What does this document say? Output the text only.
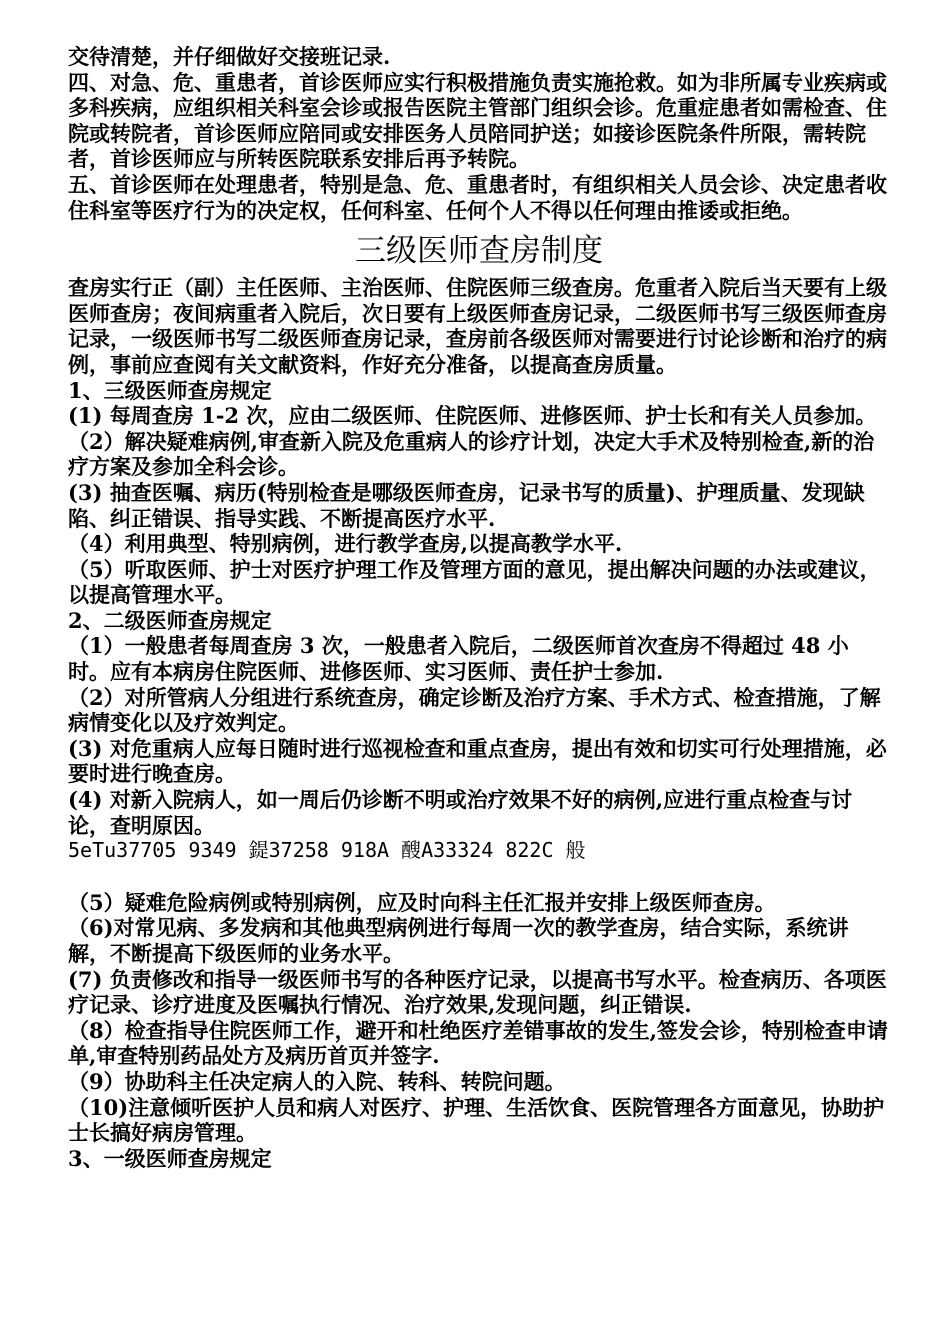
交待清楚，并仔细做好交接班记录.

四、对急、危、重患者，首诊医师应实行积极措施负责实施抢救。如为非所属专业疾病或多科疾病，应组织相关科室会诊或报告医院主管部门组织会诊。危重症患者如需检查、住院或转院者，首诊医师应陪同或安排医务人员陪同护送；如接诊医院条件所限，需转院者，首诊医师应与所转医院联系安排后再予转院。

五、首诊医师在处理患者，特别是急、危、重患者时，有组织相关人员会诊、决定患者收住科室等医疗行为的决定权，任何科室、任何个人不得以任何理由推诿或拒绝。

三级医师查房制度

查房实行正（副）主任医师、主治医师、住院医师三级查房。危重者入院后当天要有上级医师查房；夜间病重者入院后，次日要有上级医师查房记录，二级医师书写三级医师查房记录，一级医师书写二级医师查房记录，查房前各级医师对需要进行讨论诊断和治疗的病例，事前应查阅有关文献资料，作好充分准备，以提高查房质量。

1、三级医师查房规定

(1) 每周查房 1-2 次，应由二级医师、住院医师、进修医师、护士长和有关人员参加。

（2）解决疑难病例,审查新入院及危重病人的诊疗计划，决定大手术及特别检查,新的治疗方案及参加全科会诊。

(3) 抽查医嘱、病历(特别检查是哪级医师查房，记录书写的质量)、护理质量、发现缺陷、纠正错误、指导实践、不断提高医疗水平.

（4）利用典型、特别病例，进行教学查房,以提高教学水平.

（5）听取医师、护士对医疗护理工作及管理方面的意见，提出解决问题的办法或建议，以提高管理水平。

2、二级医师查房规定

（1）一般患者每周查房 3 次，一般患者入院后，二级医师首次查房不得超过 48 小时。应有本病房住院医师、进修医师、实习医师、责任护士参加.

（2）对所管病人分组进行系统查房，确定诊断及治疗方案、手术方式、检查措施，了解病情变化以及疗效判定。

(3) 对危重病人应每日随时进行巡视检查和重点查房，提出有效和切实可行处理措施，必要时进行晚查房。

(4) 对新入院病人，如一周后仍诊断不明或治疗效果不好的病例,应进行重点检查与讨论，查明原因。

5eTu37705 9349 鍉37258 918A 醙A33324 822C 般

（5）疑难危险病例或特别病例，应及时向科主任汇报并安排上级医师查房。

（6)对常见病、多发病和其他典型病例进行每周一次的教学查房，结合实际，系统讲解，不断提高下级医师的业务水平。

(7) 负责修改和指导一级医师书写的各种医疗记录，以提高书写水平。检查病历、各项医疗记录、诊疗进度及医嘱执行情况、治疗效果,发现问题，纠正错误.

（8）检查指导住院医师工作，避开和杜绝医疗差错事故的发生,签发会诊，特别检查申请单,审查特别药品处方及病历首页并签字.

（9）协助科主任决定病人的入院、转科、转院问题。

（10)注意倾听医护人员和病人对医疗、护理、生活饮食、医院管理各方面意见，协助护士长搞好病房管理。

3、一级医师查房规定
